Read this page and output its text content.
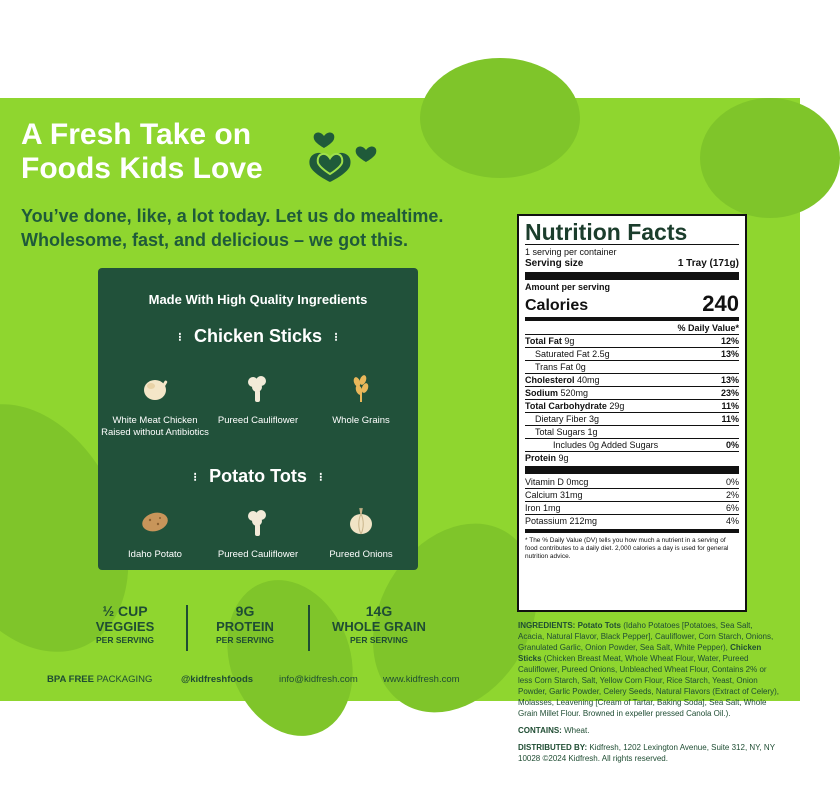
A Fresh Take on
Foods Kids Love
You’ve done, like, a lot today. Let us do mealtime.
Wholesome, fast, and delicious – we got this.
Made With High Quality Ingredients
⁝ Chicken Sticks	⁝
White Meat Chicken Raised without Antibiotics
Pureed Cauliflower	Whole Grains
⁝ Potato Tots	⁝
Idaho Potato	Pureed Cauliflower	Pureed Onions
½ CUP
VEGGIES
PER SERVING
9G
PROTEIN
PER SERVING
14G
WHOLE GRAIN
PER SERVING
BPA FREE PACKAGING	@kidfreshfoods	info@kidfresh.com	www.kidfresh.com
Nutrition Facts
1 serving per container
Serving size	1 Tray (171g)
Amount per serving
Calories	240
% Daily Value*
Total Fat 9g	12%
Saturated Fat 2.5g	13%
Trans Fat 0g
Cholesterol 40mg	13%
Sodium 520mg	23%
Total Carbohydrate 29g	11%
Dietary Fiber 3g	11%
Total Sugars 1g
Includes 0g Added Sugars	0%
Protein 9g
Vitamin D 0mcg	0%
Calcium 31mg	2%
Iron 1mg	6%
Potassium 212mg	4%
* The % Daily Value (DV) tells you how much a nutrient in a serving of food contributes to a daily diet. 2,000 calories a day is used for general nutrition advice.

INGREDIENTS: Potato Tots (Idaho Potatoes [Potatoes, Sea Salt, Acacia, Natural Flavor, Black Pepper], Cauliflower, Corn Starch, Onions, Granulated Garlic, Onion Powder, Sea Salt, White Pepper), Chicken Sticks (Chicken Breast Meat, Whole Wheat Flour, Water, Pureed Cauliflower, Pureed Onions, Unbleached Wheat Flour, Contains 2% or less Corn Starch, Salt, Yellow Corn Flour, Rice Starch, Yeast, Onion Powder, Garlic Powder, Celery Seeds, Natural Flavors (Extract of Celery), Molasses, Leavening [Cream of Tartar, Baking Soda], Sea Salt, Whole Grain Millet Flour. Browned in expeller pressed Canola Oil.).

CONTAINS: Wheat.

DISTRIBUTED BY: Kidfresh, 1202 Lexington Avenue, Suite 312, NY, NY 10028 ©2024 Kidfresh. All rights reserved.
